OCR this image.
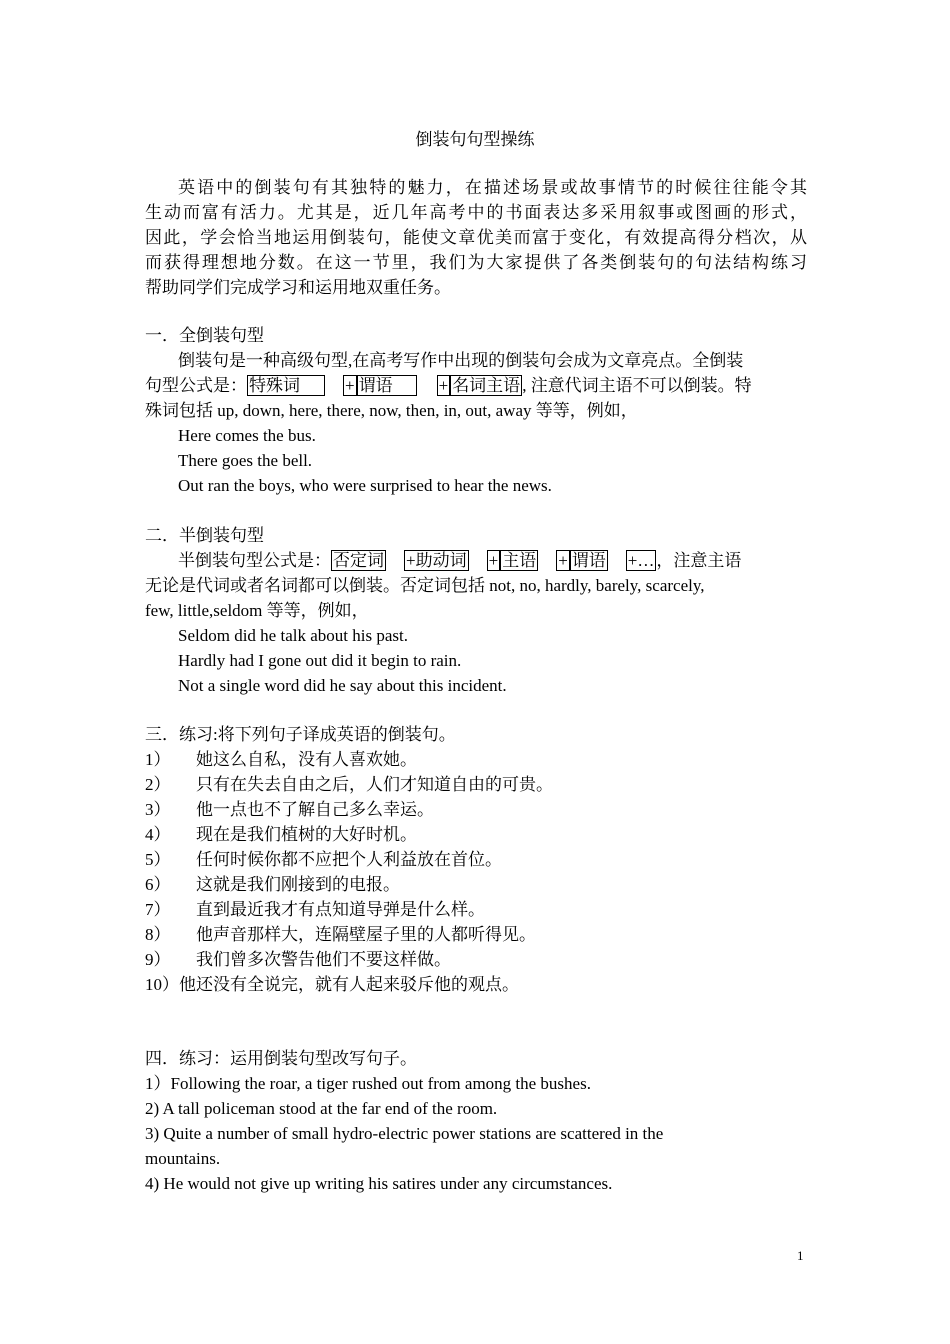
倒装句句型操练
英语中的倒装句有其独特的魅力，在描述场景或故事情节的时候往往能令其
生动而富有活力。尤其是，近几年高考中的书面表达多采用叙事或图画的形式，
因此，学会恰当地运用倒装句，能使文章优美而富于变化，有效提高得分档次，从
而获得理想地分数。在这一节里，我们为大家提供了各类倒装句的句法结构练习
帮助同学们完成学习和运用地双重任务。
一．全倒装句型
倒装句是一种高级句型,在高考写作中出现的倒装句会成为文章亮点。全倒装
句型公式是： 特殊词	+ 谓语	+ 名词主语 , 注意代词主语不可以倒装。特
殊词包括 up, down, here, there, now, then, in, out, away 等等，例如，
Here comes the bus.
There goes the bell.
Out ran the boys, who were surprised to hear the news.
二．半倒装句型
半倒装句型公式是： 否定词 +助动词 + 主语 + 谓语 +… ，注意主语
无论是代词或者名词都可以倒装。否定词包括 not, no, hardly, barely, scarcely,
few, little,seldom 等等，例如，
Seldom did he talk about his past.
Hardly had I gone out did it begin to rain.
Not a single word did he say about this incident.
三．练习:将下列句子译成英语的倒装句。
1） 她这么自私，没有人喜欢她。
2） 只有在失去自由之后，人们才知道自由的可贵。
3） 他一点也不了解自己多么幸运。
4） 现在是我们植树的大好时机。
5） 任何时候你都不应把个人利益放在首位。
6） 这就是我们刚接到的电报。
7） 直到最近我才有点知道导弹是什么样。
8） 他声音那样大，连隔壁屋子里的人都听得见。
9） 我们曾多次警告他们不要这样做。
10）他还没有全说完，就有人起来驳斥他的观点。
四．练习：运用倒装句型改写句子。
1）Following the roar, a tiger rushed out from among the bushes.
2) A tall policeman stood at the far end of the room.
3) Quite a number of small hydro-electric power stations are scattered in the
mountains.
4) He would not give up writing his satires under any circumstances.
1
